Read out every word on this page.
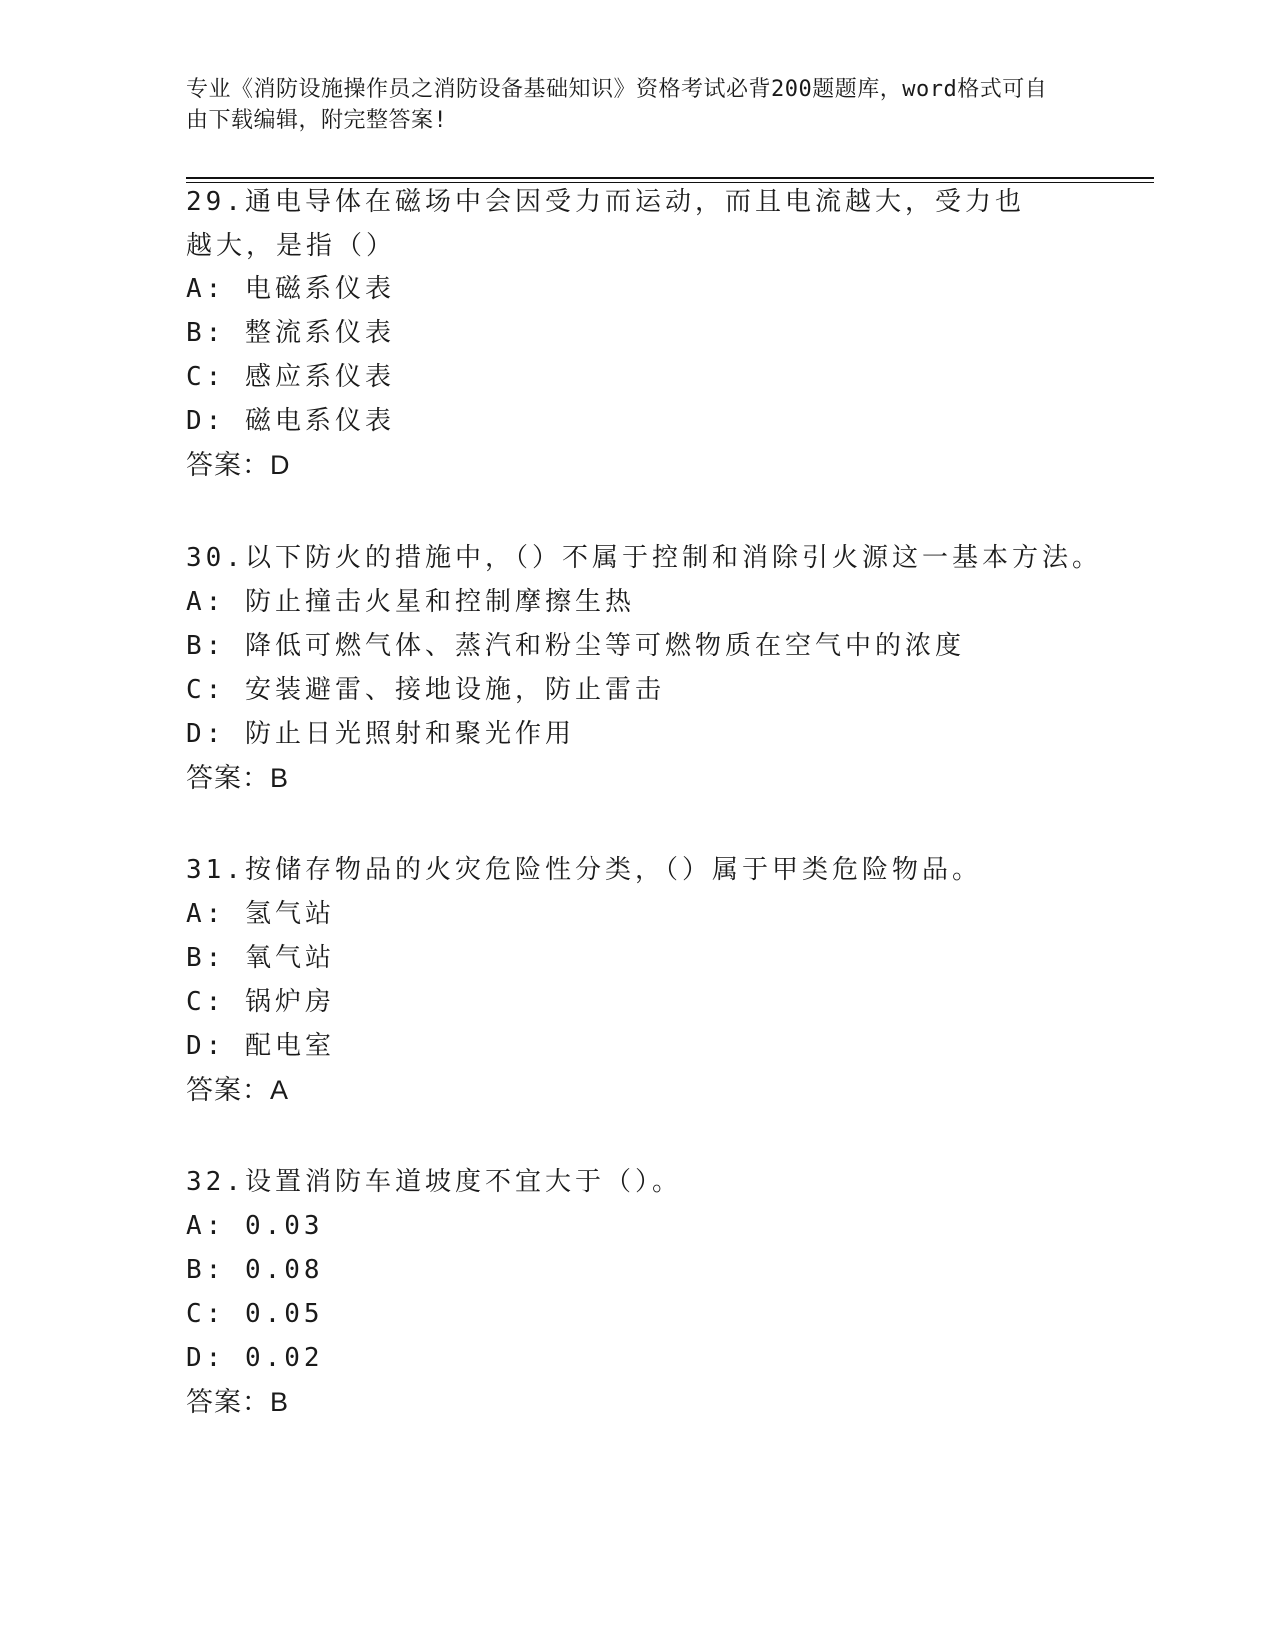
专业《消防设施操作员之消防设备基础知识》资格考试必背200题题库，word格式可自由下载编辑，附完整答案!
29.通电导体在磁场中会因受力而运动，而且电流越大，受力也越大，是指（）
A: 电磁系仪表
B: 整流系仪表
C: 感应系仪表
D: 磁电系仪表
答案：D
30.以下防火的措施中，（）不属于控制和消除引火源这一基本方法。
A: 防止撞击火星和控制摩擦生热
B: 降低可燃气体、蒸汽和粉尘等可燃物质在空气中的浓度
C: 安装避雷、接地设施，防止雷击
D: 防止日光照射和聚光作用
答案：B
31.按储存物品的火灾危险性分类，（）属于甲类危险物品。
A: 氢气站
B: 氧气站
C: 锅炉房
D: 配电室
答案：A
32.设置消防车道坡度不宜大于（）。
A: 0.03
B: 0.08
C: 0.05
D: 0.02
答案：B
